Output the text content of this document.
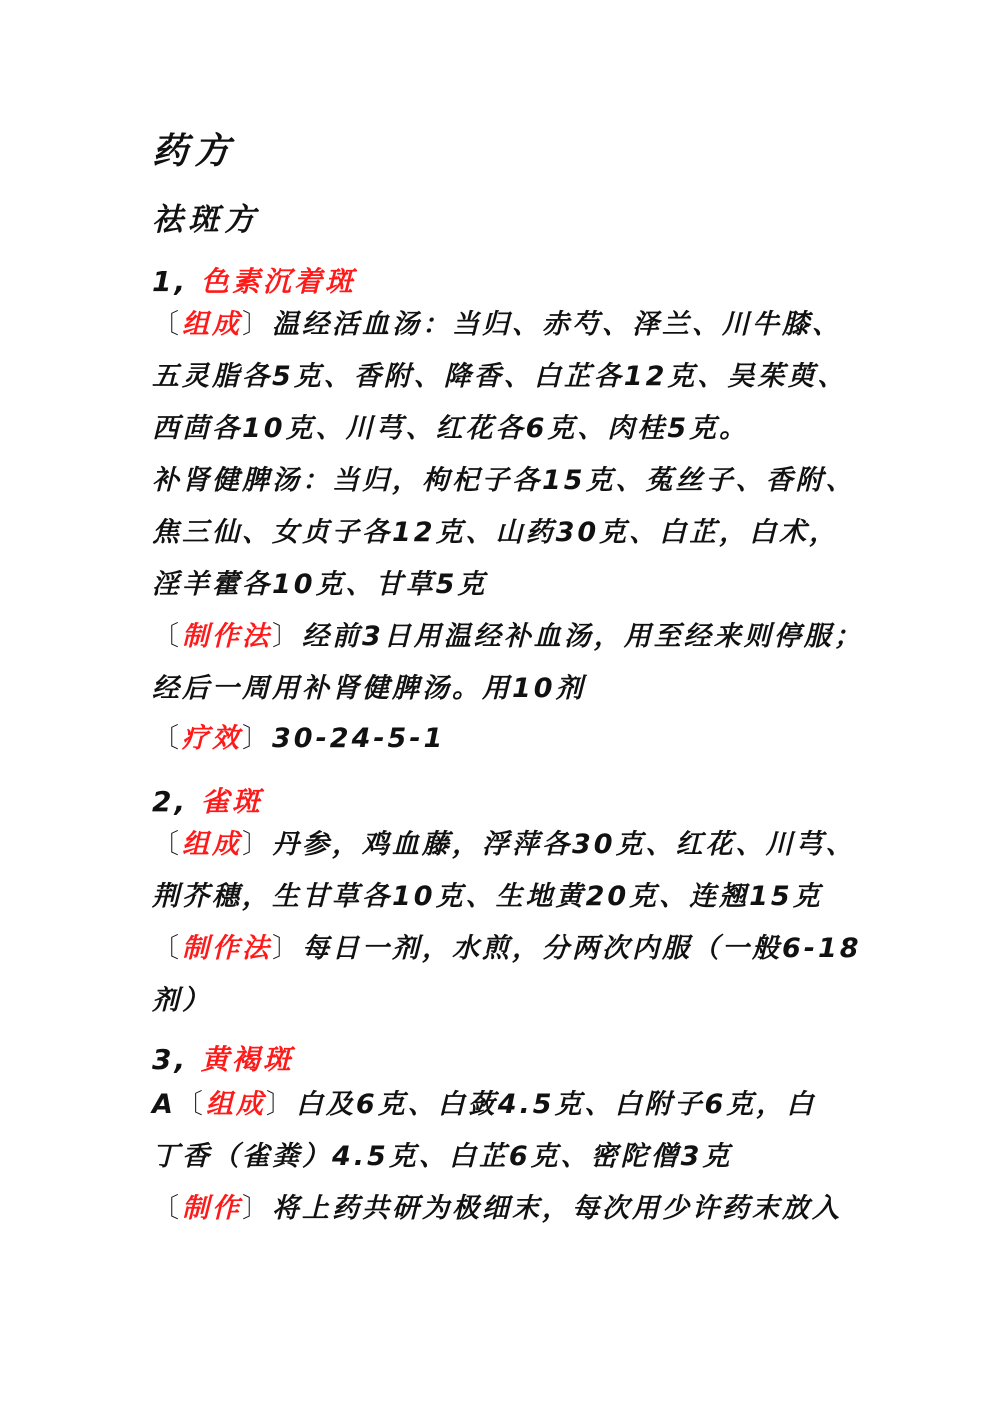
药方
祛斑方
1, 色素沉着斑
〔组成〕温经活血汤：当归、赤芍、泽兰、川牛膝、
五灵脂各5克、香附、降香、白芷各12克、吴茱萸、
西茴各10克、川芎、红花各6克、肉桂5克。
补肾健脾汤：当归，枸杞子各15克、菟丝子、香附、
焦三仙、女贞子各12克、山药30克、白芷，白术，
淫羊藿各10克、甘草5克
〔制作法〕经前3日用温经补血汤，用至经来则停服；
经后一周用补肾健脾汤。用10剂
〔疗效〕30-24-5-1
2, 雀斑
〔组成〕丹参，鸡血藤，浮萍各30克、红花、川芎、
荆芥穗，生甘草各10克、生地黄20克、连翘15克
〔制作法〕每日一剂，水煎，分两次内服（一般6-18
剂）
3, 黄褐斑
A〔组成〕白及6克、白蔹4.5克、白附子6克，白
丁香（雀粪）4.5克、白芷6克、密陀僧3克
〔制作〕将上药共研为极细末，每次用少许药末放入
